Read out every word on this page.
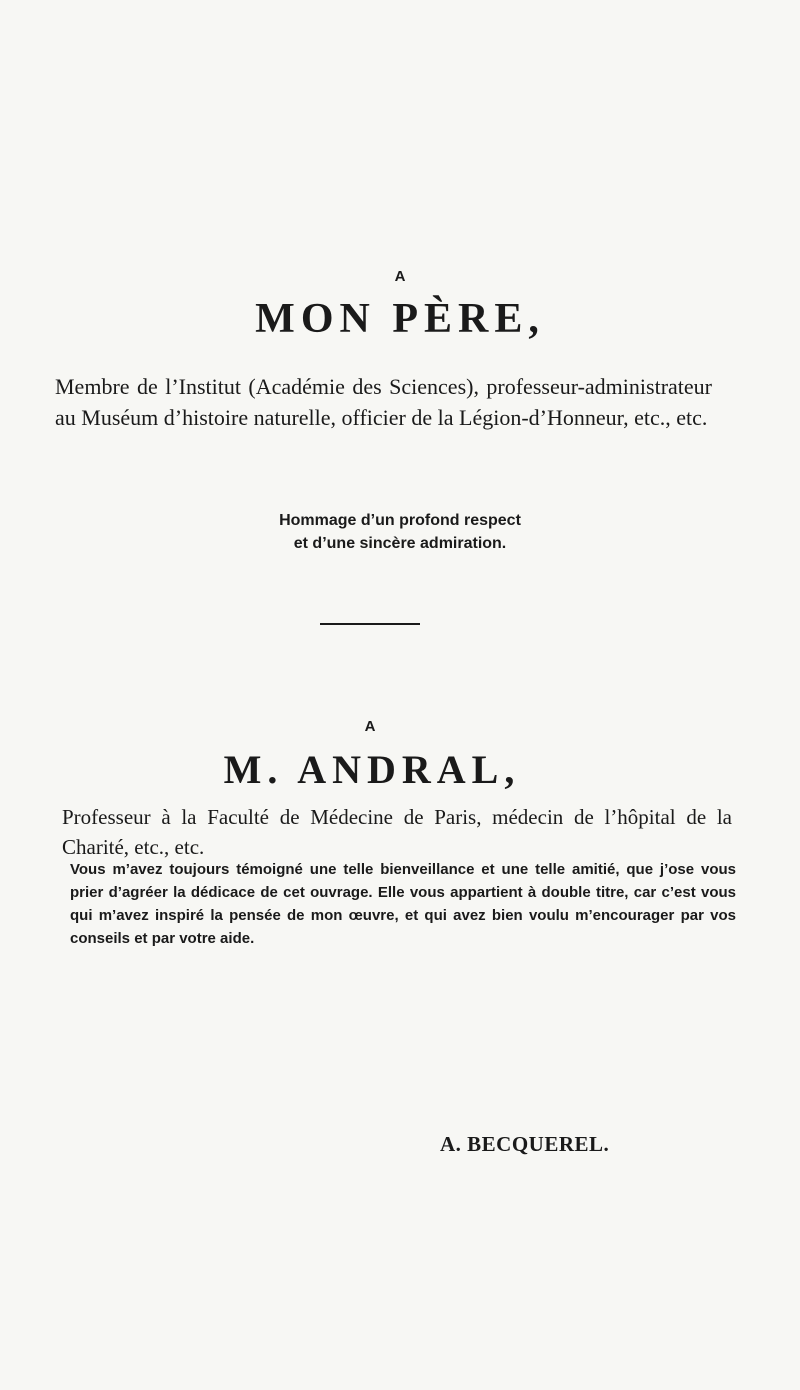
A
MON PÈRE,
Membre de l’Institut (Académie des Sciences), professeur-administrateur au Muséum d’histoire naturelle, officier de la Légion-d’Honneur, etc., etc.
Hommage d’un profond respect
et d’une sincère admiration.
A
M. ANDRAL,
Professeur à la Faculté de Médecine de Paris, médecin de l’hôpital de la Charité, etc., etc.
Vous m’avez toujours témoigné une telle bienveillance et une telle amitié, que j’ose vous prier d’agréer la dédicace de cet ouvrage. Elle vous appartient à double titre, car c’est vous qui m’avez inspiré la pensée de mon œuvre, et qui avez bien voulu m’encourager par vos conseils et par votre aide.
A. BECQUEREL.
